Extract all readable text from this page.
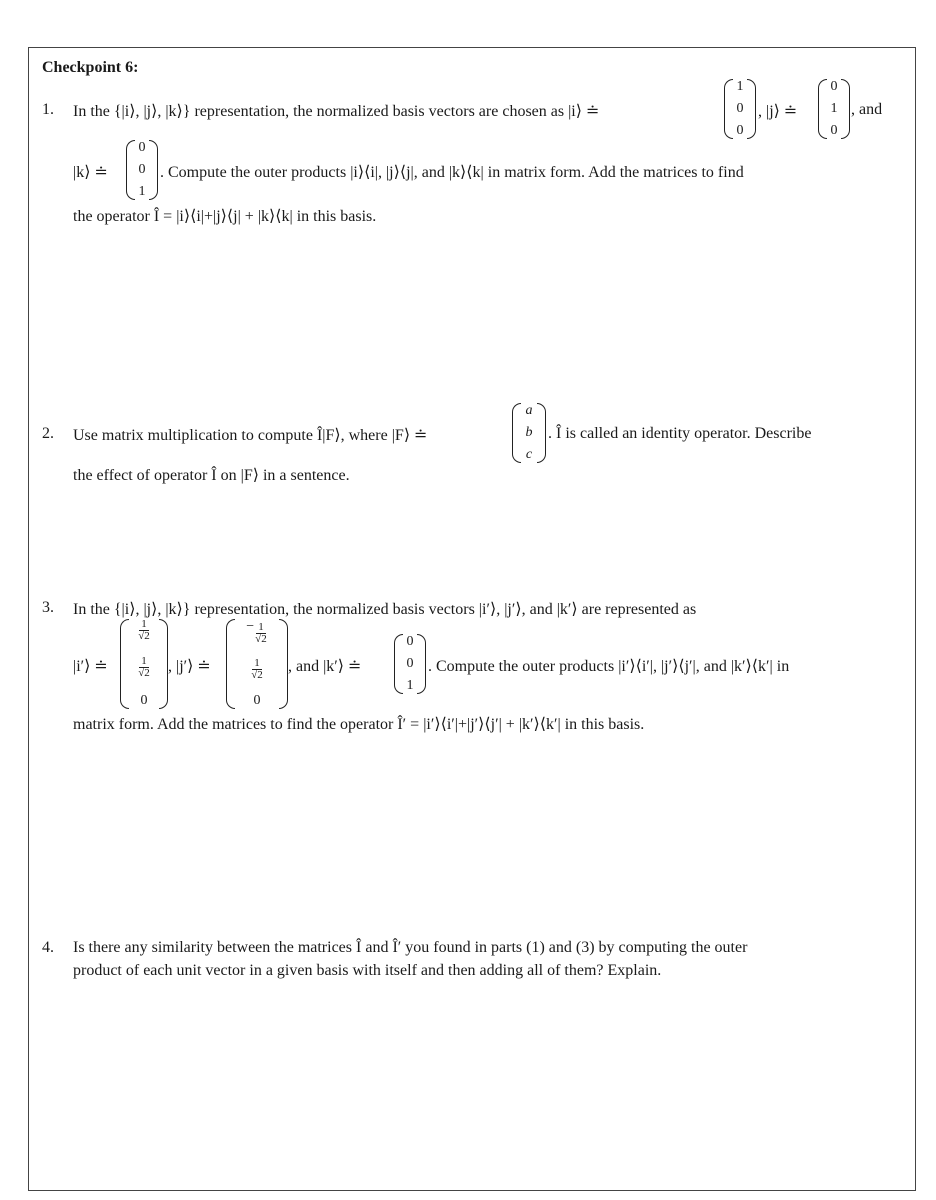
Checkpoint 6:
1. In the {|i⟩, |j⟩, |k⟩} representation, the normalized basis vectors are chosen as |i⟩ ≐
1
0
0
, |j⟩ ≐
0
1
0
, and
|k⟩ ≐
0
0
1
. Compute the outer products |i⟩⟨i|, |j⟩⟨j|, and |k⟩⟨k| in matrix form. Add the matrices to find
the operator Î = |i⟩⟨i|+|j⟩⟨j| + |k⟩⟨k| in this basis.
2. Use matrix multiplication to compute Î|F⟩, where |F⟩ ≐
a
b
c
. Î is called an identity operator. Describe
the effect of operator Î on |F⟩ in a sentence.
3. In the {|i⟩, |j⟩, |k⟩} representation, the normalized basis vectors |i′⟩, |j′⟩, and |k′⟩ are represented as
|i′⟩ ≐
$\frac{1}{√2}$
$\frac{1}{√2}$
0
, |j′⟩ ≐
− $\frac{1}{√2}$
$\frac{1}{√2}$
0
, and |k′⟩ ≐
0
0
1
. Compute the outer products |i′⟩⟨i′|, |j′⟩⟨j′|, and |k′⟩⟨k′| in
matrix form. Add the matrices to find the operator Î′ = |i′⟩⟨i′|+|j′⟩⟨j′| + |k′⟩⟨k′| in this basis.
4. Is there any similarity between the matrices Î and Î′ you found in parts (1) and (3) by computing the outer
product of each unit vector in a given basis with itself and then adding all of them? Explain.
